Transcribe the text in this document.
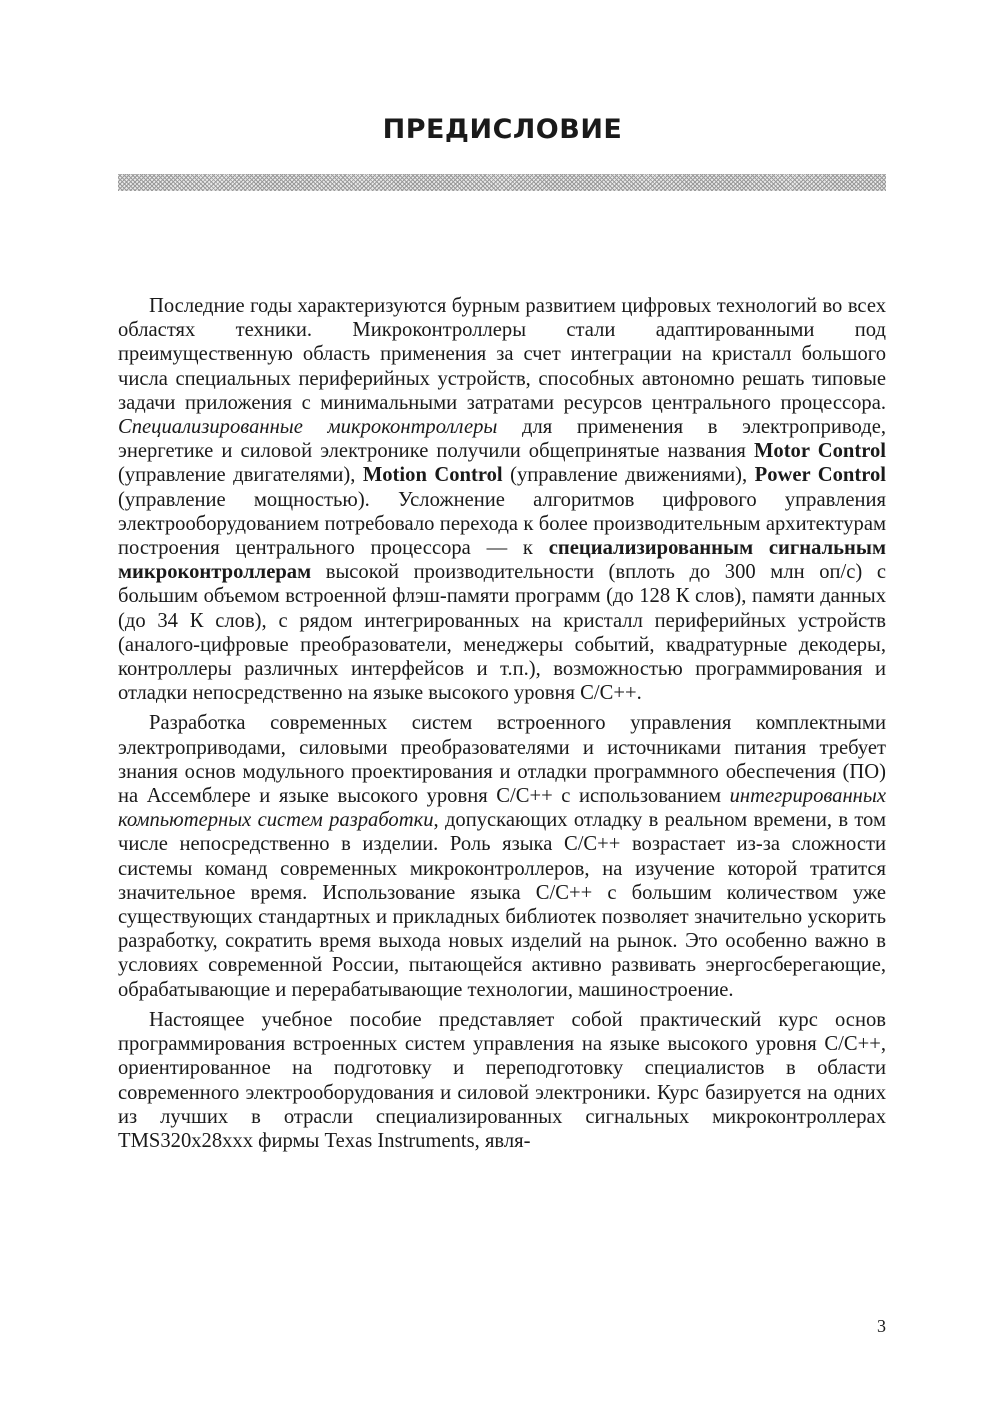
ПРЕДИСЛОВИЕ

Последние годы характеризуются бурным развитием цифровых технологий во всех областях техники. Микроконтроллеры стали адаптированными под преимущественную область применения за счет интеграции на кристалл большого числа специальных периферийных устройств, способных автономно решать типовые задачи приложения с минимальными затратами ресурсов центрального процессора. Специализированные микроконтроллеры для применения в электроприводе, энергетике и силовой электронике получили общепринятые названия Motor Control (управление двигателями), Motion Control (управление движениями), Power Control (управление мощностью). Усложнение алгоритмов цифрового управления электрооборудованием потребовало перехода к более производительным архитектурам построения центрального процессора — к специализированным сигнальным микроконтроллерам высокой производительности (вплоть до 300 млн оп/с) с большим объемом встроенной флэш-памяти программ (до 128 К слов), памяти данных (до 34 К слов), с рядом интегрированных на кристалл периферийных устройств (аналого-цифровые преобразователи, менеджеры событий, квадратурные декодеры, контроллеры различных интерфейсов и т.п.), возможностью программирования и отладки непосредственно на языке высокого уровня С/С++.

Разработка современных систем встроенного управления комплектными электроприводами, силовыми преобразователями и источниками питания требует знания основ модульного проектирования и отладки программного обеспечения (ПО) на Ассемблере и языке высокого уровня С/С++ с использованием интегрированных компьютерных систем разработки, допускающих отладку в реальном времени, в том числе непосредственно в изделии. Роль языка С/С++ возрастает из-за сложности системы команд современных микроконтроллеров, на изучение которой тратится значительное время. Использование языка С/С++ с большим количеством уже существующих стандартных и прикладных библиотек позволяет значительно ускорить разработку, сократить время выхода новых изделий на рынок. Это особенно важно в условиях современной России, пытающейся активно развивать энергосберегающие, обрабатывающие и перерабатывающие технологии, машиностроение.

Настоящее учебное пособие представляет собой практический курс основ программирования встроенных систем управления на языке высокого уровня С/С++, ориентированное на подготовку и переподготовку специалистов в области современного электрооборудования и силовой электроники. Курс базируется на одних из лучших в отрасли специализированных сигнальных микроконтроллерах TMS320x28xxx фирмы Texas Instruments, явля-

3
